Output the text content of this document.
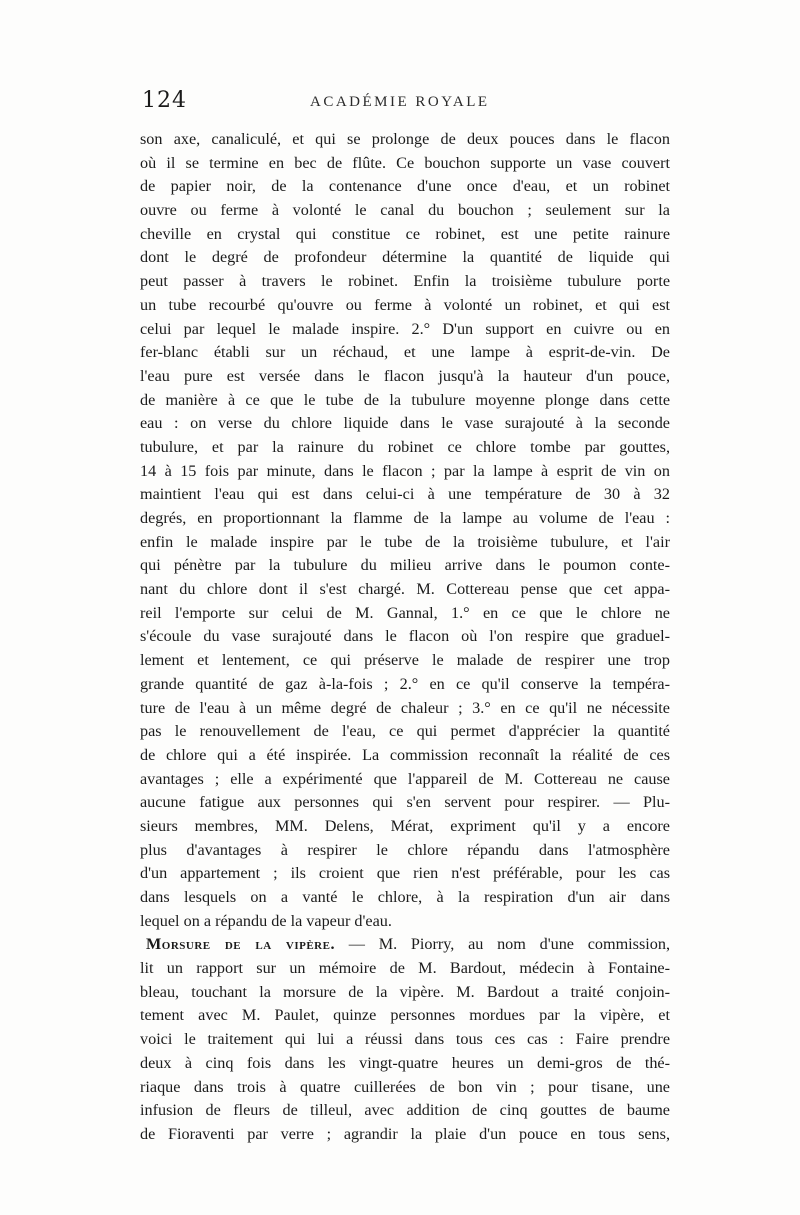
124	ACADÉMIE ROYALE
son axe, canaliculé, et qui se prolonge de deux pouces dans le flacon
où il se termine en bec de flûte. Ce bouchon supporte un vase couvert
de papier noir, de la contenance d'une once d'eau, et un robinet
ouvre ou ferme à volonté le canal du bouchon ; seulement sur la
cheville en crystal qui constitue ce robinet, est une petite rainure
dont le degré de profondeur détermine la quantité de liquide qui
peut passer à travers le robinet. Enfin la troisième tubulure porte
un tube recourbé qu'ouvre ou ferme à volonté un robinet, et qui est
celui par lequel le malade inspire. 2.° D'un support en cuivre ou en
fer-blanc établi sur un réchaud, et une lampe à esprit-de-vin. De
l'eau pure est versée dans le flacon jusqu'à la hauteur d'un pouce,
de manière à ce que le tube de la tubulure moyenne plonge dans cette
eau : on verse du chlore liquide dans le vase surajouté à la seconde
tubulure, et par la rainure du robinet ce chlore tombe par gouttes,
14 à 15 fois par minute, dans le flacon ; par la lampe à esprit de vin on
maintient l'eau qui est dans celui-ci à une température de 30 à 32
degrés, en proportionnant la flamme de la lampe au volume de l'eau :
enfin le malade inspire par le tube de la troisième tubulure, et l'air
qui pénètre par la tubulure du milieu arrive dans le poumon conte-
nant du chlore dont il s'est chargé. M. Cottereau pense que cet appa-
reil l'emporte sur celui de M. Gannal, 1.° en ce que le chlore ne
s'écoule du vase surajouté dans le flacon où l'on respire que graduel-
lement et lentement, ce qui préserve le malade de respirer une trop
grande quantité de gaz à-la-fois ; 2.° en ce qu'il conserve la tempéra-
ture de l'eau à un même degré de chaleur ; 3.° en ce qu'il ne nécessite
pas le renouvellement de l'eau, ce qui permet d'apprécier la quantité
de chlore qui a été inspirée. La commission reconnaît la réalité de ces
avantages ; elle a expérimenté que l'appareil de M. Cottereau ne cause
aucune fatigue aux personnes qui s'en servent pour respirer. — Plu-
sieurs membres, MM. Delens, Mérat, expriment qu'il y a encore
plus d'avantages à respirer le chlore répandu dans l'atmosphère
d'un appartement ; ils croient que rien n'est préférable, pour les cas
dans lesquels on a vanté le chlore, à la respiration d'un air dans
lequel on a répandu de la vapeur d'eau.
Morsure de la vipère. — M. Piorry, au nom d'une commission,
lit un rapport sur un mémoire de M. Bardout, médecin à Fontaine-
bleau, touchant la morsure de la vipère. M. Bardout a traité conjoin-
tement avec M. Paulet, quinze personnes mordues par la vipère, et
voici le traitement qui lui a réussi dans tous ces cas : Faire prendre
deux à cinq fois dans les vingt-quatre heures un demi-gros de thé-
riaque dans trois à quatre cuillerées de bon vin ; pour tisane, une
infusion de fleurs de tilleul, avec addition de cinq gouttes de baume
de Fioraventi par verre ; agrandir la plaie d'un pouce en tous sens,
